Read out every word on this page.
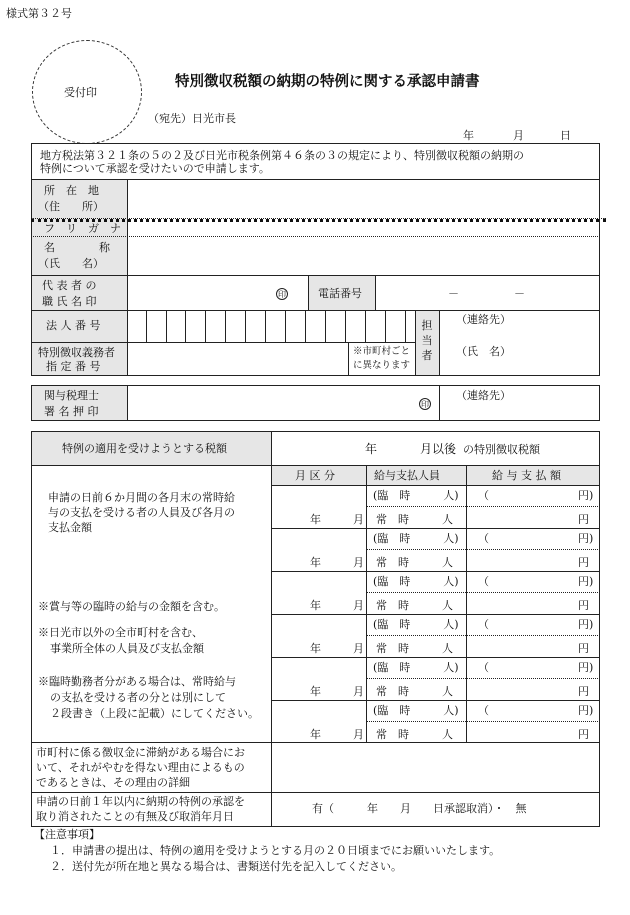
様式第３２号
受付印
特別徴収税額の納期の特例に関する承認申請書
（宛先）日光市長
年	月	日
地方税法第３２１条の５の２及び日光市税条例第４６条の３の規定により、特別徴収税額の納期の
特例について承認を受けたいので申請します。
所　在　地
（住　　所）
フ　リ　ガ　ナ
名　　　　称
（氏　　名）
代 表 者 の
職 氏 名 印
印	電話番号	－	－
法 人 番 号
特別徴収義務者
指 定 番 号
※市町村ごと
に異なります
担当者
（連絡先）
（氏　名）
関与税理士
署 名 押 印
印
（連絡先）
特例の適用を受けようとする税額	年	月以後 の特別徴収税額
月 区 分	給与支払人員	給 与 支 払 額
申請の日前６か月間の各月末の常時給
与の支払を受ける者の人員及び各月の
支払金額
※賞与等の臨時の給与の金額を含む。
※日光市以外の全市町村を含む、
事業所全体の人員及び支払金額
※臨時勤務者分がある場合は、常時給与
の支払を受ける者の分とは別にして
２段書き（上段に記載）にしてください。
(臨　時　　　人) （	円)
年	月 常　時　　　人	円
(臨　時　　　人) （	円)
年	月 常　時　　　人	円
(臨　時　　　人) （	円)
年	月 常　時　　　人	円
(臨　時　　　人) （	円)
年	月 常　時　　　人	円
(臨　時　　　人) （	円)
年	月 常　時　　　人	円
(臨　時　　　人) （	円)
年	月 常　時　　　人	円
市町村に係る徴収金に滞納がある場合にお
いて、それがやむを得ない理由によるもの
であるときは、その理由の詳細
申請の日前１年以内に納期の特例の承認を
取り消されたことの有無及び取消年月日
有（　　　年　　月　　日承認取消）・　無
【注意事項】
１．申請書の提出は、特例の適用を受けようとする月の２０日頃までにお願いいたします。
２．送付先が所在地と異なる場合は、書類送付先を記入してください。
